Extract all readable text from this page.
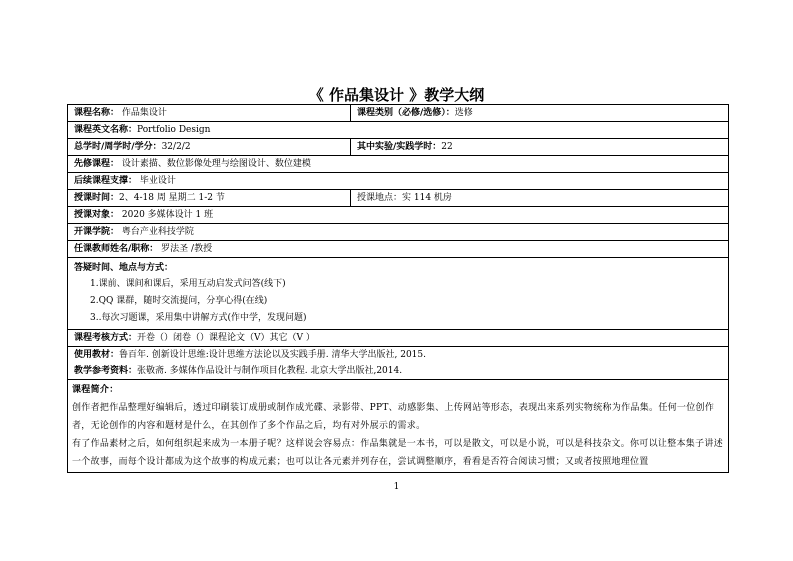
《 作品集设计 》教学大纲
课程名称： 作品集设计	课程类别（必修/选修）：选修
课程英文名称：Portfolio Design	
总学时/周学时/学分：32/2/2	其中实验/实践学时：22
先修课程： 设计素描、数位影像处理与绘图设计、数位建模	
后续课程支撑： 毕业设计	
授课时间：2、4-18 周 星期二 1-2 节	授课地点：实 114 机房
授课对象： 2020 多媒体设计 1 班	
开课学院： 粤台产业科技学院	
任课教师姓名/职称： 罗法圣 /教授	

答疑时间、地点与方式：
1.课前、课间和课后，采用互动启发式问答(线下)
2.QQ 课群，随时交流提问，分享心得(在线)
3..每次习题课，采用集中讲解方式(作中学，发现问题)	

课程考核方式：开卷（）闭卷（）课程论文（V）其它（V ）	
使用教材：鲁百年. 创新设计思维:设计思维方法论以及实践手册. 清华大学出版社, 2015.	
教学参考资料：张敬斋. 多媒体作品设计与制作项目化教程. 北京大学出版社,2014.	

课程简介：
创作者把作品整理好编辑后，透过印刷装订成册或制作成光碟、录影带、PPT、动感影集、上传网站等形态，表现出来系列实物统称为作品集。任何一位创作者，无论创作的内容和题材是什么，在其创作了多个作品之后，均有对外展示的需求。
有了作品素材之后，如何组织起来成为一本册子呢？这样说会容易点：作品集就是一本书，可以是散文，可以是小说，可以是科技杂文。你可以让整本集子讲述一个故事，而每个设计都成为这个故事的构成元素；也可以让各元素并列存在，尝试调整顺序，看看是否符合阅读习惯；又或者按照地理位置	
1
